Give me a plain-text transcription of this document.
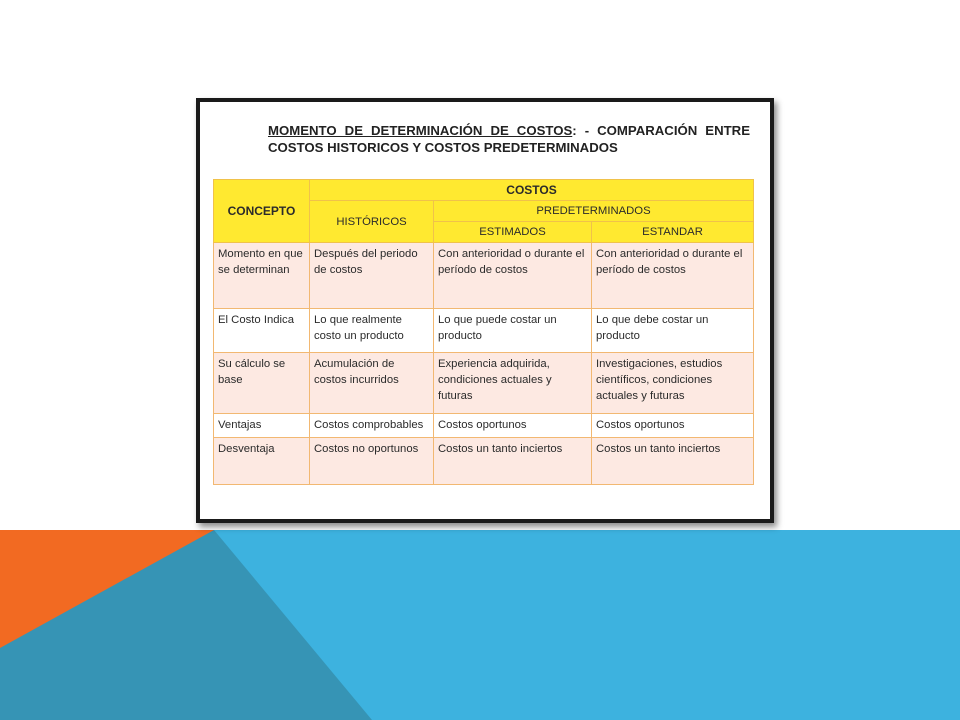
MOMENTO DE DETERMINACIÓN DE COSTOS: - COMPARACIÓN ENTRE COSTOS HISTORICOS Y COSTOS PREDETERMINADOS
CONCEPTO	COSTOS		
	HISTÓRICOS	PREDETERMINADOS	
		ESTIMADOS	ESTANDAR
Momento en que se determinan	Después del periodo de costos	Con anterioridad o durante el período de costos	Con anterioridad o durante el período de costos
El Costo Indica	Lo que realmente costo un producto	Lo que puede costar un producto	Lo que debe costar un producto
Su cálculo se base	Acumulación de costos incurridos	Experiencia adquirida, condiciones actuales y futuras	Investigaciones, estudios científicos, condiciones actuales y futuras
Ventajas	Costos comprobables	Costos oportunos	Costos oportunos
Desventaja	Costos no oportunos	Costos un tanto inciertos	Costos un tanto inciertos
